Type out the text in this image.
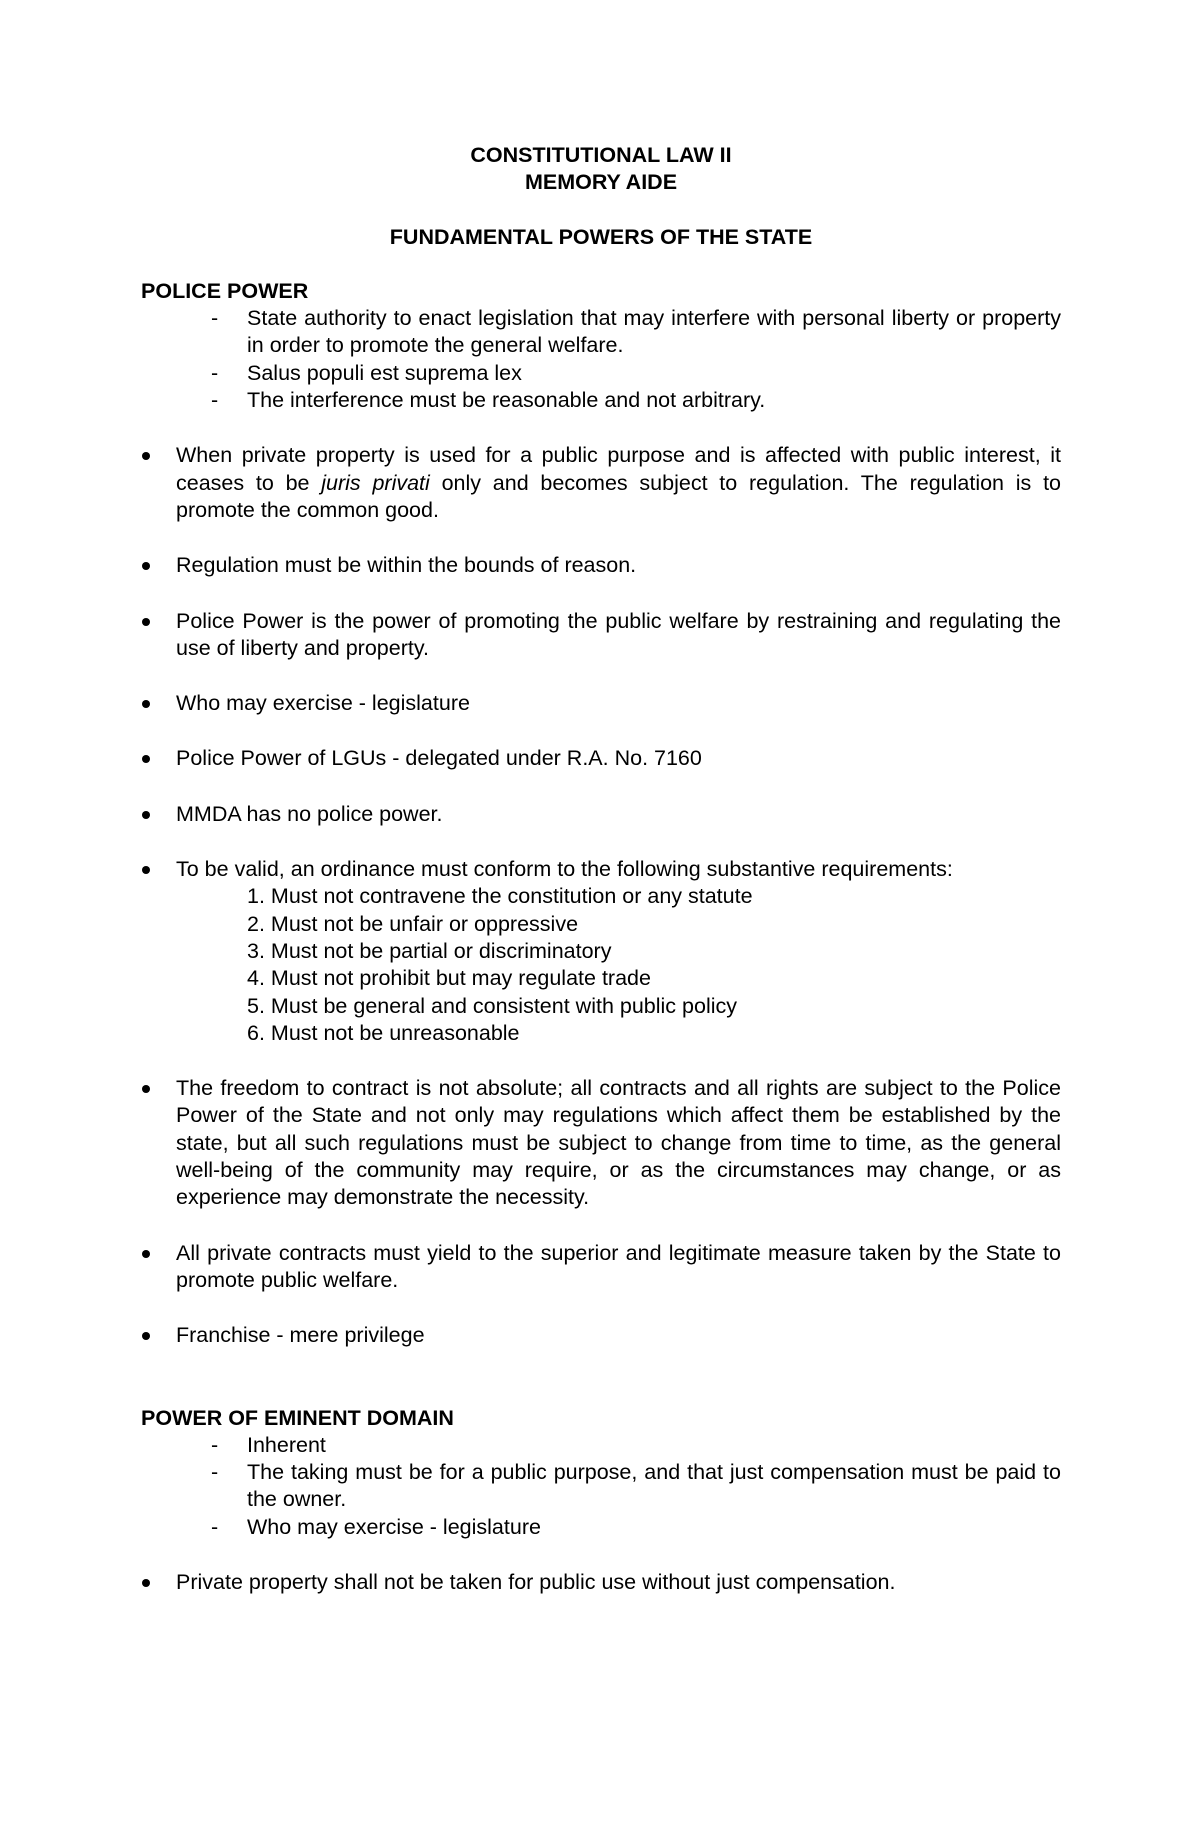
CONSTITUTIONAL LAW II
MEMORY AIDE
FUNDAMENTAL POWERS OF THE STATE
POLICE POWER
- State authority to enact legislation that may interfere with personal liberty or property in order to promote the general welfare.
- Salus populi est suprema lex
- The interference must be reasonable and not arbitrary.
When private property is used for a public purpose and is affected with public interest, it ceases to be juris privati only and becomes subject to regulation. The regulation is to promote the common good.
Regulation must be within the bounds of reason.
Police Power is the power of promoting the public welfare by restraining and regulating the use of liberty and property.
Who may exercise - legislature
Police Power of LGUs - delegated under R.A. No. 7160
MMDA has no police power.
To be valid, an ordinance must conform to the following substantive requirements:
1. Must not contravene the constitution or any statute
2. Must not be unfair or oppressive
3. Must not be partial or discriminatory
4. Must not prohibit but may regulate trade
5. Must be general and consistent with public policy
6. Must not be unreasonable
The freedom to contract is not absolute; all contracts and all rights are subject to the Police Power of the State and not only may regulations which affect them be established by the state, but all such regulations must be subject to change from time to time, as the general well-being of the community may require, or as the circumstances may change, or as experience may demonstrate the necessity.
All private contracts must yield to the superior and legitimate measure taken by the State to promote public welfare.
Franchise - mere privilege
POWER OF EMINENT DOMAIN
- Inherent
- The taking must be for a public purpose, and that just compensation must be paid to the owner.
- Who may exercise - legislature
Private property shall not be taken for public use without just compensation.
